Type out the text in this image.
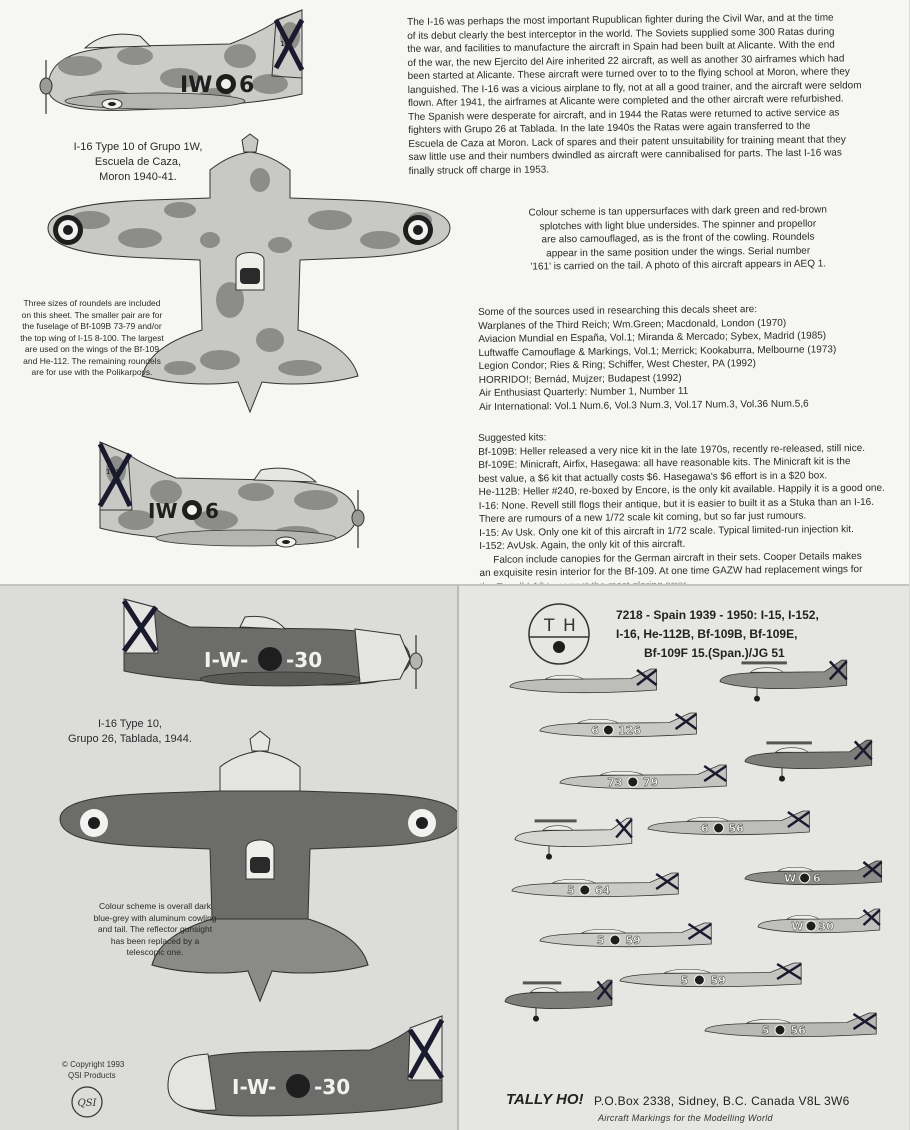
IW 6
161
I-16 Type 10 of Grupo 1W,
Escuela de Caza,
Moron 1940-41.
Three sizes of roundels are included
on this sheet. The smaller pair are for
the fuselage of Bf-109B 73-79 and/or
the top wing of I-15 8-100. The largest
are used on the wings of the Bf-109
and He-112. The remaining roundels
are for use with the Polikarpovs.
IW 6
161

The I-16 was perhaps the most important Rupublican fighter during the Civil War, and at the time

of its debut clearly the best interceptor in the world. The Soviets supplied some 300 Ratas during

the war, and facilities to manufacture the aircraft in Spain had been built at Alicante. With the end

of the war, the new Ejercito del Aire inherited 22 aircraft, as well as another 30 airframes which had

been started at Alicante. These aircraft were turned over to to the flying school at Moron, where they

languished. The I-16 was a vicious airplane to fly, not at all a good trainer, and the aircraft were seldom

flown. After 1941, the airframes at Alicante were completed and the other aircraft were refurbished.

The Spanish were desperate for aircraft, and in 1944 the Ratas were returned to active service as

fighters with Grupo 26 at Tablada. In the late 1940s the Ratas were again transferred to the

Escuela de Caza at Moron. Lack of spares and their patent unsuitability for training meant that they

saw little use and their numbers dwindled as aircraft were cannibalised for parts. The last I-16 was

finally struck off charge in 1953.

Colour scheme is tan uppersurfaces with dark green and red-brown

splotches with light blue undersides. The spinner and propellor

are also camouflaged, as is the front of the cowling. Roundels

appear in the same position under the wings. Serial number

'161' is carried on the tail. A photo of this aircraft appears in AEQ 1.

Some of the sources used in researching this decals sheet are:

Warplanes of the Third Reich; Wm.Green; Macdonald, London (1970)

Aviacion Mundial en España, Vol.1; Miranda & Mercado; Sybex, Madrid (1985)

Luftwaffe Camouflage & Markings, Vol.1; Merrick; Kookaburra, Melbourne (1973)

Legion Condor; Ries & Ring; Schiffer, West Chester, PA (1992)

HORRIDO!; Bernád, Mujzer; Budapest (1992)

Air Enthusiast Quarterly: Number 1, Number 11

Air International: Vol.1 Num.6, Vol.3 Num.3, Vol.17 Num.3, Vol.36 Num.5,6

Suggested kits:

Bf-109B: Heller released a very nice kit in the late 1970s, recently re-released, still nice.

Bf-109E: Minicraft, Airfix, Hasegawa: all have reasonable kits. The Minicraft kit is the

best value, a $6 kit that actually costs $6. Hasegawa's $6 effort is in a $20 box.

He-112B: Heller #240, re-boxed by Encore, is the only kit available. Happily it is a good one.

I-16: None. Revell still flogs their antique, but it is easier to built it as a Stuka than an I-16.

There are rumours of a new 1/72 scale kit coming, but so far just rumours.

I-15: Av Usk. Only one kit of this aircraft in 1/72 scale. Typical limited-run injection kit.

I-152: AvUsk. Again, the only kit of this aircraft.

Falcon include canopies for the German aircraft in their sets. Cooper Details makes

an exquisite resin interior for the Bf-109. At one time GAZW had replacement wings for

I-W- -30
I-16 Type 10,
Grupo 26, Tablada, 1944.
Colour scheme is overall dark
blue-grey with aluminum cowling
and tail. The reflector gunsight
has been replaced by a
telescopic one.
I-W- -30
© Copyright 1993
QSI Products
QSI
T H
7218 - Spain 1939 - 1950: I-15, I-152,
I-16, He-112B, Bf-109B, Bf-109E,
Bf-109F 15.(Span.)/JG 51
6 126
73 79
6 56
5 64
W 6
5 59
W 30
5 59
5 56
TALLY HO! P.O.Box 2338, Sidney, B.C. Canada V8L 3W6
Aircraft Markings for the Modelling World
